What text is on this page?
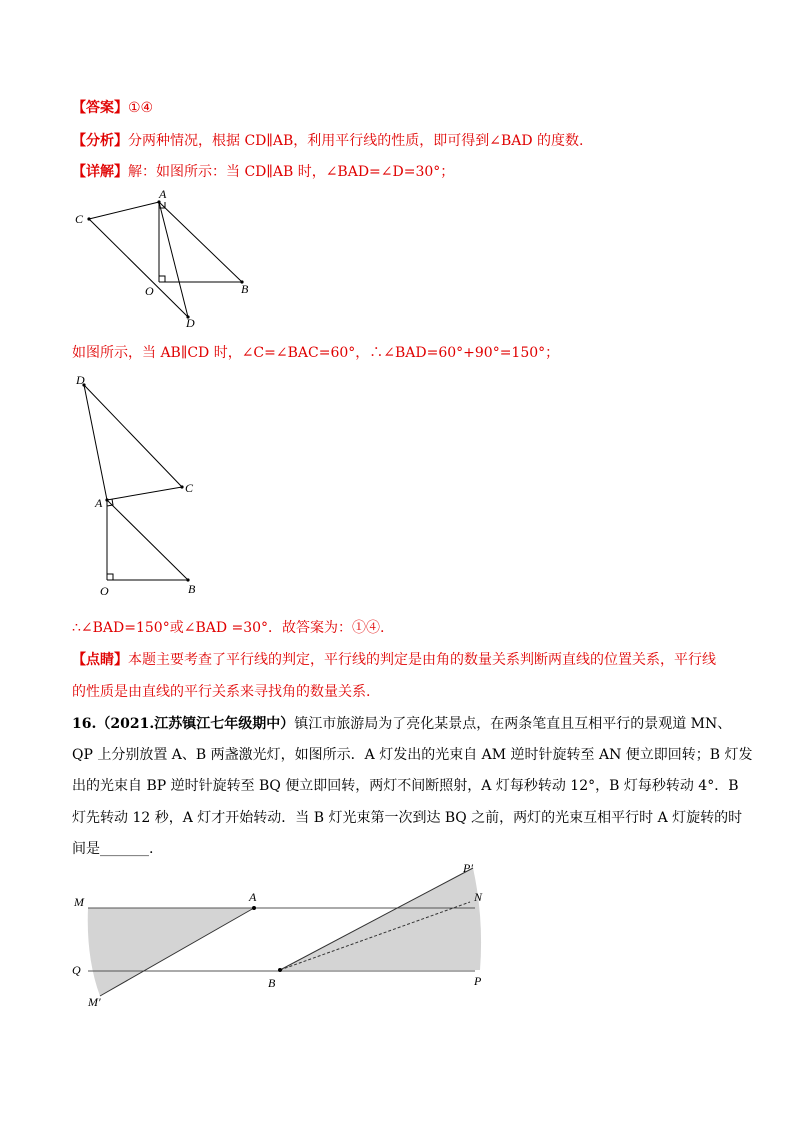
【答案】①④
【分析】分两种情况，根据 CD∥AB，利用平行线的性质，即可得到∠BAD 的度数.
【详解】解：如图所示：当 CD∥AB 时，∠BAD=∠D=30°；
A
C
O	B
D
如图所示，当 AB∥CD 时，∠C=∠BAC=60°，∴∠BAD=60°+90°=150°；
D
A
C
O	B
∴∠BAD=150°或∠BAD =30°．故答案为：①④.
【点睛】本题主要考查了平行线的判定，平行线的判定是由角的数量关系判断两直线的位置关系，平行线
的性质是由直线的平行关系来寻找角的数量关系.
16.（2021.江苏镇江七年级期中）镇江市旅游局为了亮化某景点，在两条笔直且互相平行的景观道 MN、
QP 上分别放置 A、B 两盏激光灯，如图所示．A 灯发出的光束自 AM 逆时针旋转至 AN 便立即回转；B 灯发
出的光束自 BP 逆时针旋转至 BQ 便立即回转，两灯不间断照射，A 灯每秒转动 12°，B 灯每秒转动 4°．B
灯先转动 12 秒，A 灯才开始转动．当 B 灯光束第一次到达 BQ 之前，两灯的光束互相平行时 A 灯旋转的时
间是_______.
M	A	N
P′
Q
B	P
M′
